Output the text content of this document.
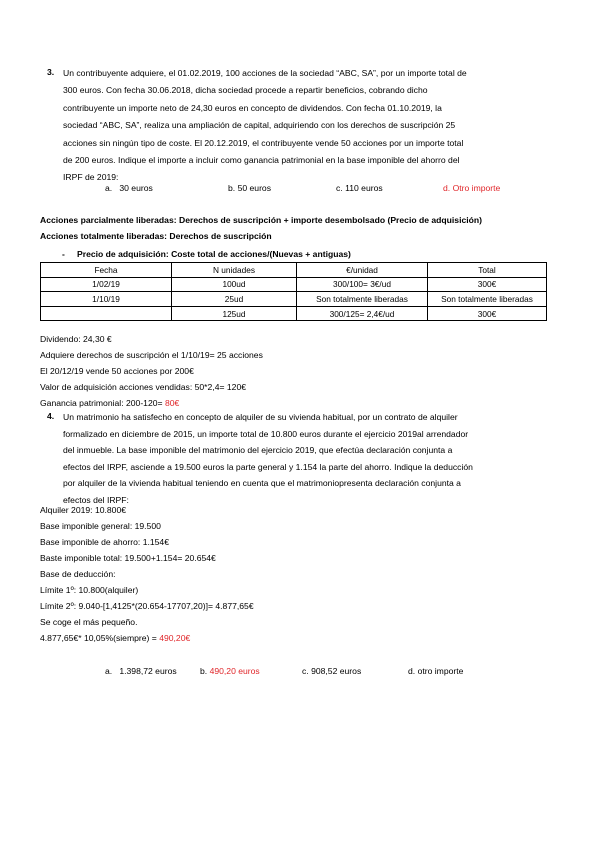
3. Un contribuyente adquiere, el 01.02.2019, 100 acciones de la sociedad “ABC, SA”, por un importe total de
300 euros. Con fecha 30.06.2018, dicha sociedad procede a repartir beneficios, cobrando dicho
contribuyente un importe neto de 24,30 euros en concepto de dividendos. Con fecha 01.10.2019, la
sociedad “ABC, SA”, realiza una ampliación de capital, adquiriendo con los derechos de suscripción 25
acciones sin ningún tipo de coste. El 20.12.2019, el contribuyente vende 50 acciones por un importe total
de 200 euros. Indique el importe a incluir como ganancia patrimonial en la base imponible del ahorro del
IRPF de 2019:
a. 30 euros	b. 50 euros	c. 110 euros	d. Otro importe
Acciones parcialmente liberadas: Derechos de suscripción + importe desembolsado (Precio de adquisición)
Acciones totalmente liberadas: Derechos de suscripción
- Precio de adquisición: Coste total de acciones/(Nuevas + antiguas)
Fecha	N unidades	€/unidad	Total
1/02/19	100ud	300/100= 3€/ud	300€
1/10/19	25ud	Son totalmente liberadas	Son totalmente liberadas
	125ud	300/125= 2,4€/ud	300€
Dividendo: 24,30 €
Adquiere derechos de suscripción el 1/10/19= 25 acciones
El 20/12/19 vende 50 acciones por 200€
Valor de adquisición acciones vendidas: 50*2,4= 120€
Ganancia patrimonial: 200-120= 80€
4. Un matrimonio ha satisfecho en concepto de alquiler de su vivienda habitual, por un contrato de alquiler
formalizado en diciembre de 2015, un importe total de 10.800 euros durante el ejercicio 2019al arrendador
del inmueble. La base imponible del matrimonio del ejercicio 2019, que efectúa declaración conjunta a
efectos del IRPF, asciende a 19.500 euros la parte general y 1.154 la parte del ahorro. Indique la deducción
por alquiler de la vivienda habitual teniendo en cuenta que el matrimoniopresenta declaración conjunta a
efectos del IRPF:
Alquiler 2019: 10.800€
Base imponible general: 19.500
Base imponible de ahorro: 1.154€
Baste imponible total: 19.500+1.154= 20.654€
Base de deducción:
Límite 1º: 10.800(alquiler)
Límite 2º: 9.040-[1,4125*(20.654-17707,20)]= 4.877,65€
Se coge el más pequeño.
4.877,65€* 10,05%(siempre) = 490,20€
a. 1.398,72 euros	b. 490,20 euros	c. 908,52 euros	d. otro importe
